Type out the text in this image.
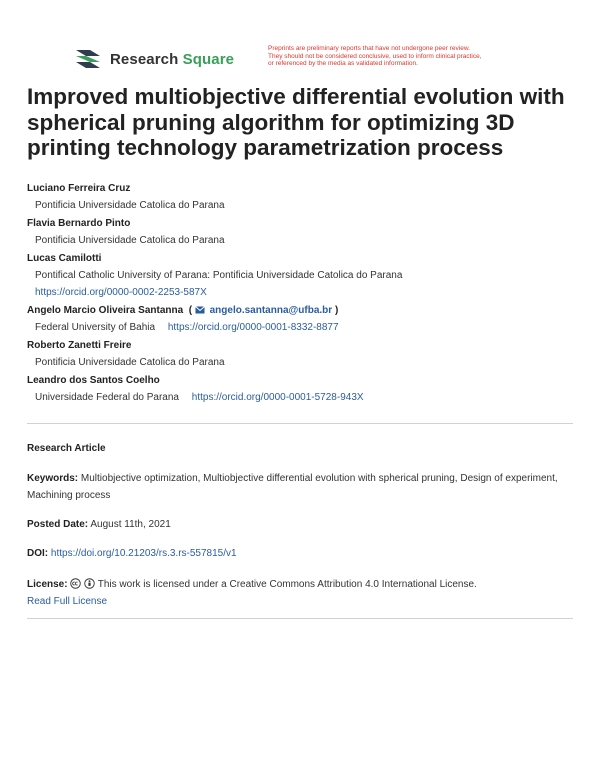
Research Square
Preprints are preliminary reports that have not undergone peer review.
They should not be considered conclusive, used to inform clinical practice,
or referenced by the media as validated information.
Improved multiobjective differential evolution with spherical pruning algorithm for optimizing 3D printing technology parametrization process
Luciano Ferreira Cruz
Pontificia Universidade Catolica do Parana
Flavia Bernardo Pinto
Pontificia Universidade Catolica do Parana
Lucas Camilotti
Pontifical Catholic University of Parana: Pontificia Universidade Catolica do Parana
https://orcid.org/0000-0002-2253-587X
Angelo Marcio Oliveira Santanna  ( angelo.santanna@ufba.br )
Federal University of Bahia https://orcid.org/0000-0001-8332-8877
Roberto Zanetti Freire
Pontificia Universidade Catolica do Parana
Leandro dos Santos Coelho
Universidade Federal do Parana https://orcid.org/0000-0001-5728-943X
Research Article
Keywords: Multiobjective optimization, Multiobjective differential evolution with spherical pruning, Design of experiment, Machining process
Posted Date: August 11th, 2021
DOI: https://doi.org/10.21203/rs.3.rs-557815/v1
License:	This work is licensed under a Creative Commons Attribution 4.0 International License.
Read Full License
